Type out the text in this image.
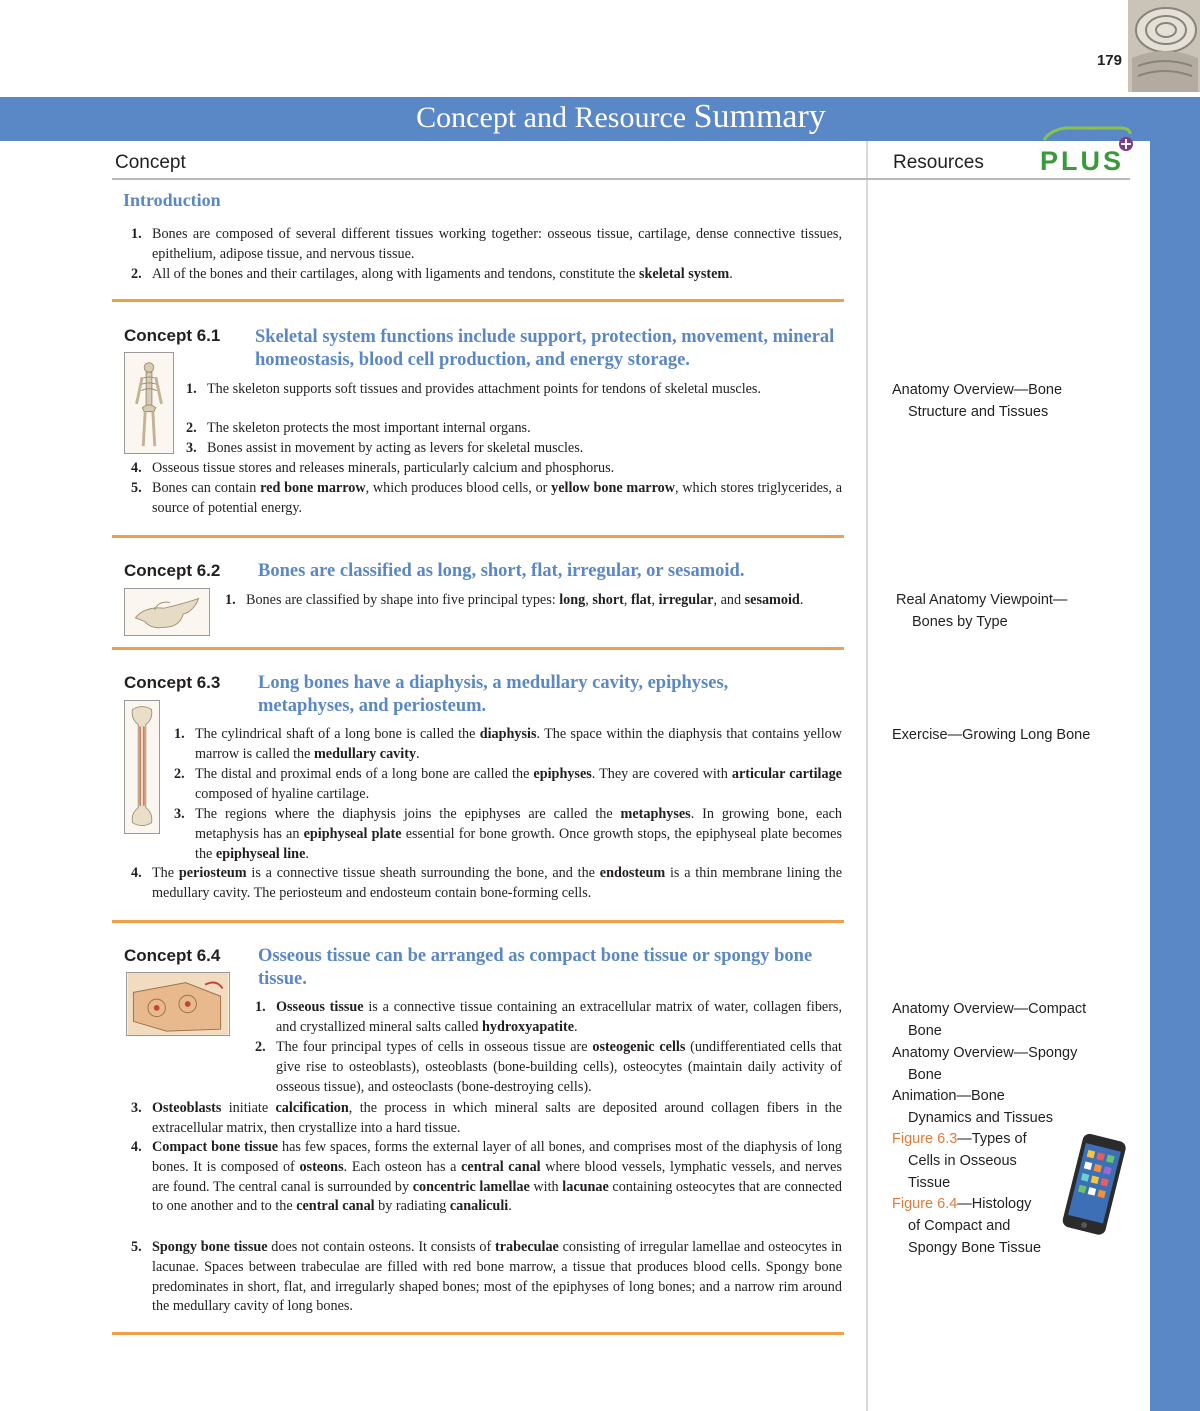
179
Concept and Resource Summary
Concept	Resources
WILEY
PLUS
Introduction
1. Bones are composed of several different tissues working together: osseous tissue, cartilage, dense connective tissues, epithelium, adipose tissue, and nervous tissue.
2. All of the bones and their cartilages, along with ligaments and tendons, constitute the skeletal system.
Concept 6.1 Skeletal system functions include support, protection, movement, mineral homeostasis, blood cell production, and energy storage.
1. The skeleton supports soft tissues and provides attachment points for tendons of skeletal muscles.
2. The skeleton protects the most important internal organs.
3. Bones assist in movement by acting as levers for skeletal muscles.
4. Osseous tissue stores and releases minerals, particularly calcium and phosphorus.
5. Bones can contain red bone marrow, which produces blood cells, or yellow bone marrow, which stores triglycerides, a source of potential energy.
Anatomy Overview—Bone
Structure and Tissues
Concept 6.2 Bones are classified as long, short, flat, irregular, or sesamoid.
1. Bones are classified by shape into five principal types: long, short, flat, irregular, and sesamoid.	Real Anatomy Viewpoint—
Bones by Type
Concept 6.3 Long bones have a diaphysis, a medullary cavity, epiphyses, metaphyses, and periosteum.
1. The cylindrical shaft of a long bone is called the diaphysis. The space within the diaphysis that contains yellow marrow is called the medullary cavity.
2. The distal and proximal ends of a long bone are called the epiphyses. They are covered with articular cartilage composed of hyaline cartilage.
3. The regions where the diaphysis joins the epiphyses are called the metaphyses. In growing bone, each metaphysis has an epiphyseal plate essential for bone growth. Once growth stops, the epiphyseal plate becomes the epiphyseal line.
4. The periosteum is a connective tissue sheath surrounding the bone, and the endosteum is a thin membrane lining the medullary cavity. The periosteum and endosteum contain bone-forming cells.
Exercise—Growing Long Bone
Concept 6.4 Osseous tissue can be arranged as compact bone tissue or spongy bone tissue.
1. Osseous tissue is a connective tissue containing an extracellular matrix of water, collagen fibers, and crystallized mineral salts called hydroxyapatite.
2. The four principal types of cells in osseous tissue are osteogenic cells (undifferentiated cells that give rise to osteoblasts), osteoblasts (bone-building cells), osteocytes (maintain daily activity of osseous tissue), and osteoclasts (bone-destroying cells).
3. Osteoblasts initiate calcification, the process in which mineral salts are deposited around collagen fibers in the extracellular matrix, then crystallize into a hard tissue.
4. Compact bone tissue has few spaces, forms the external layer of all bones, and comprises most of the diaphysis of long bones. It is composed of osteons. Each osteon has a central canal where blood vessels, lymphatic vessels, and nerves are found. The central canal is surrounded by concentric lamellae with lacunae containing osteocytes that are connected to one another and to the central canal by radiating canaliculi.
5. Spongy bone tissue does not contain osteons. It consists of trabeculae consisting of irregular lamellae and osteocytes in lacunae. Spaces between trabeculae are filled with red bone marrow, a tissue that produces blood cells. Spongy bone predominates in short, flat, and irregularly shaped bones; most of the epiphyses of long bones; and a narrow rim around the medullary cavity of long bones.
Anatomy Overview—Compact
Bone
Anatomy Overview—Spongy
Bone
Animation—Bone
Dynamics and Tissues
Figure 6.3—Types of
Cells in Osseous
Tissue
Figure 6.4—Histology
of Compact and
Spongy Bone Tissue
